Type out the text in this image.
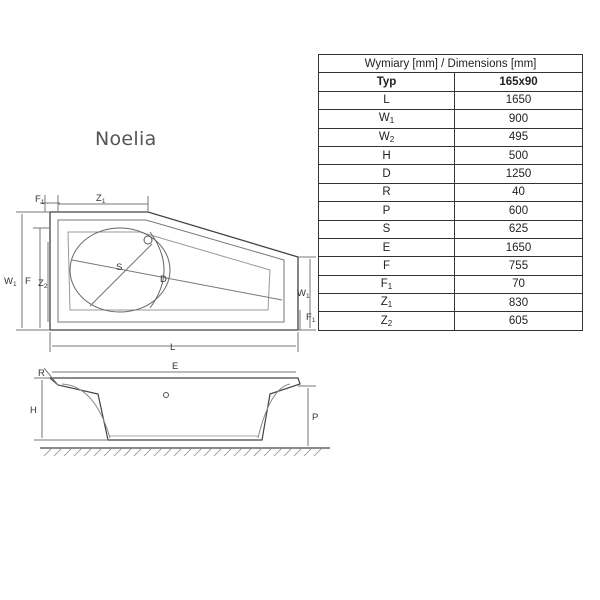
Noelia
$F_1$	$Z_1$
$W_1$ F $Z_2$
S
D
$W_1$
$F_1$
L
R
E
H
P
Wymiary [mm] / Dimensions [mm]	
Typ	165x90
L	1650
$W_1$	900
$W_2$	495
H	500
D	1250
R	40
P	600
S	625
E	1650
F	755
$F_1$	70
$Z_1$	830
$Z_2$	605
